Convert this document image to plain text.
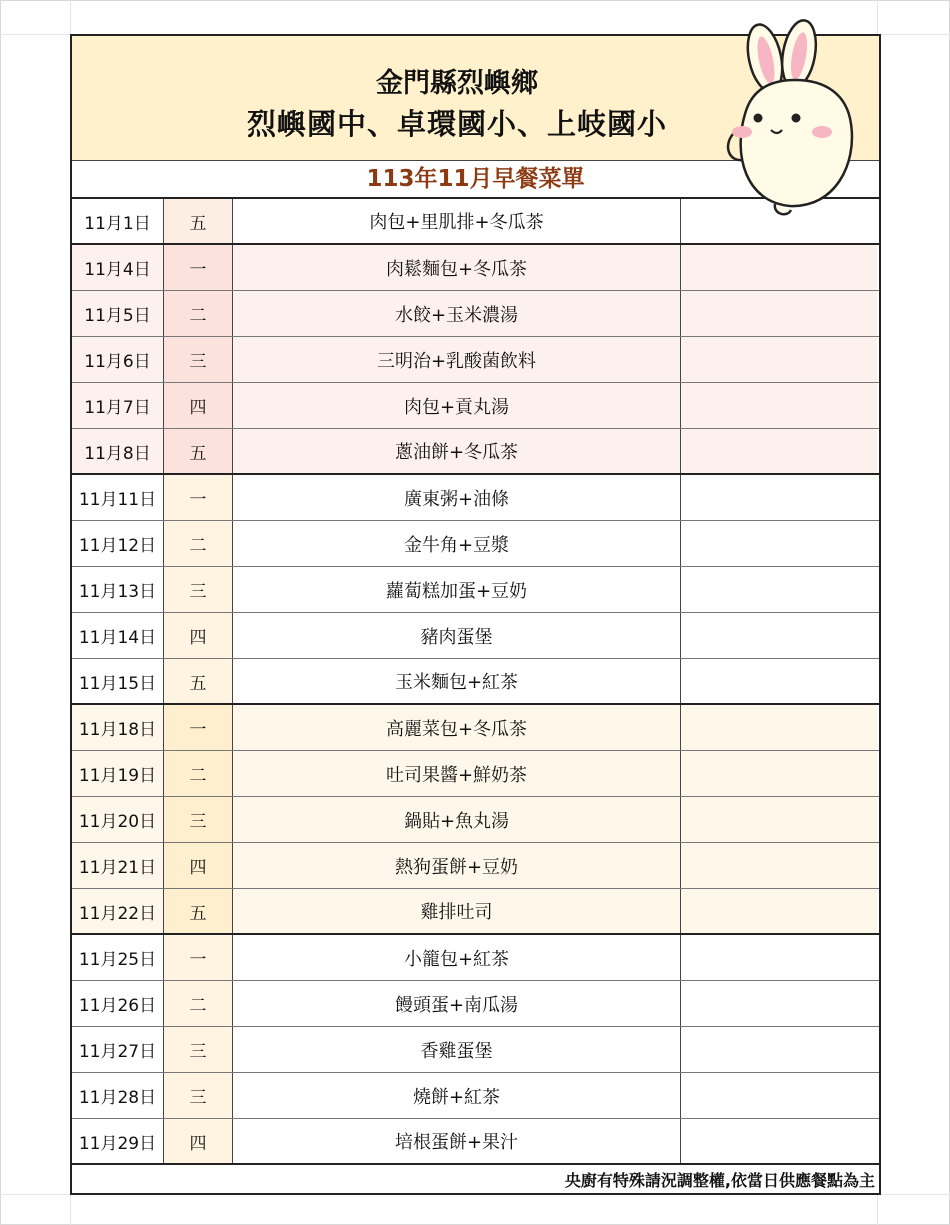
金門縣烈嶼鄉
烈嶼國中、卓環國小、上岐國小
113年11月早餐菜單
11月1日	五	肉包+里肌排+冬瓜茶
11月4日	一	肉鬆麵包+冬瓜茶
11月5日	二	水餃+玉米濃湯
11月6日	三	三明治+乳酸菌飲料
11月7日	四	肉包+貢丸湯
11月8日	五	蔥油餅+冬瓜茶
11月11日	一	廣東粥+油條
11月12日	二	金牛角+豆漿
11月13日	三	蘿蔔糕加蛋+豆奶
11月14日	四	豬肉蛋堡
11月15日	五	玉米麵包+紅茶
11月18日	一	高麗菜包+冬瓜茶
11月19日	二	吐司果醬+鮮奶茶
11月20日	三	鍋貼+魚丸湯
11月21日	四	熱狗蛋餅+豆奶
11月22日	五	雞排吐司
11月25日	一	小籠包+紅茶
11月26日	二	饅頭蛋+南瓜湯
11月27日	三	香雞蛋堡
11月28日	三	燒餅+紅茶
11月29日	四	培根蛋餅+果汁
央廚有特殊請況調整權,依當日供應餐點為主
